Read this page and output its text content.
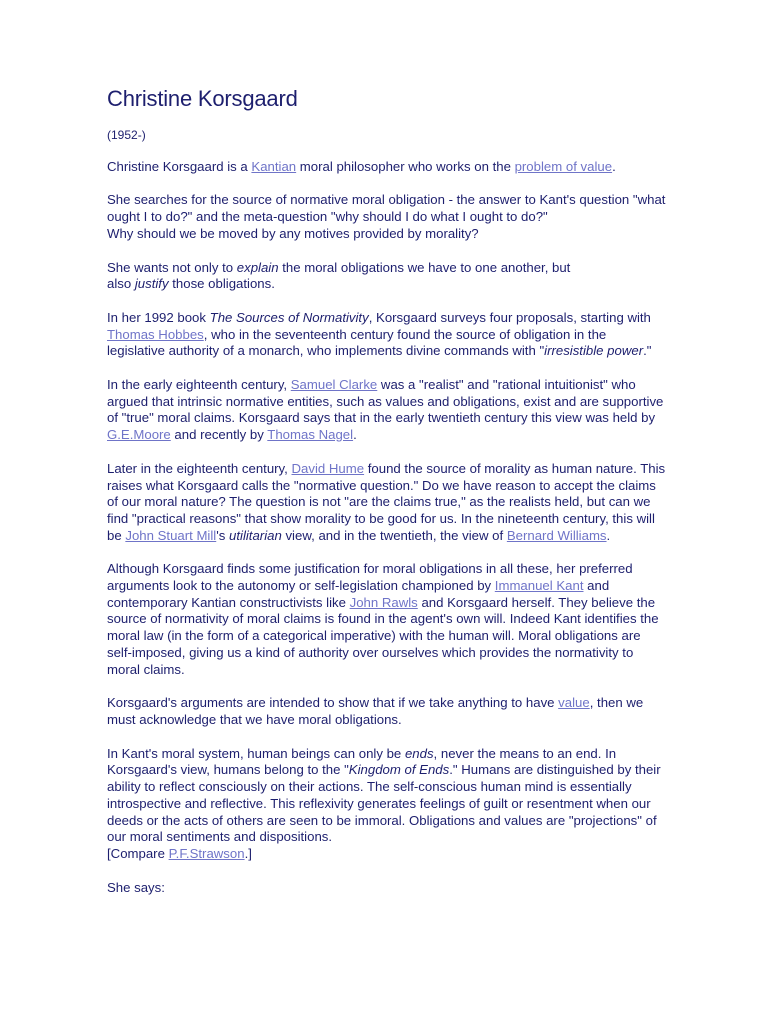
Christine Korsgaard

(1952-)

Christine Korsgaard is a Kantian moral philosopher who works on the problem of value.

She searches for the source of normative moral obligation - the answer to Kant's question "what ought I to do?" and the meta-question "why should I do what I ought to do?"
Why should we be moved by any motives provided by morality?

She wants not only to explain the moral obligations we have to one another, but
also justify those obligations.

In her 1992 book The Sources of Normativity, Korsgaard surveys four proposals, starting with Thomas Hobbes, who in the seventeenth century found the source of obligation in the legislative authority of a monarch, who implements divine commands with "irresistible power."

In the early eighteenth century, Samuel Clarke was a "realist" and "rational intuitionist" who argued that intrinsic normative entities, such as values and obligations, exist and are supportive of "true" moral claims. Korsgaard says that in the early twentieth century this view was held by G.E.Moore and recently by Thomas Nagel.

Later in the eighteenth century, David Hume found the source of morality as human nature. This raises what Korsgaard calls the "normative question." Do we have reason to accept the claims of our moral nature? The question is not "are the claims true," as the realists held, but can we find "practical reasons" that show morality to be good for us. In the nineteenth century, this will be John Stuart Mill's utilitarian view, and in the twentieth, the view of Bernard Williams.

Although Korsgaard finds some justification for moral obligations in all these, her preferred arguments look to the autonomy or self-legislation championed by Immanuel Kant and contemporary Kantian constructivists like John Rawls and Korsgaard herself. They believe the source of normativity of moral claims is found in the agent's own will. Indeed Kant identifies the moral law (in the form of a categorical imperative) with the human will. Moral obligations are self-imposed, giving us a kind of authority over ourselves which provides the normativity to moral claims.

Korsgaard's arguments are intended to show that if we take anything to have value, then we must acknowledge that we have moral obligations.

In Kant's moral system, human beings can only be ends, never the means to an end. In Korsgaard's view, humans belong to the "Kingdom of Ends." Humans are distinguished by their ability to reflect consciously on their actions. The self-conscious human mind is essentially introspective and reflective. This reflexivity generates feelings of guilt or resentment when our deeds or the acts of others are seen to be immoral. Obligations and values are "projections" of our moral sentiments and dispositions.
[Compare P.F.Strawson.]

She says:
